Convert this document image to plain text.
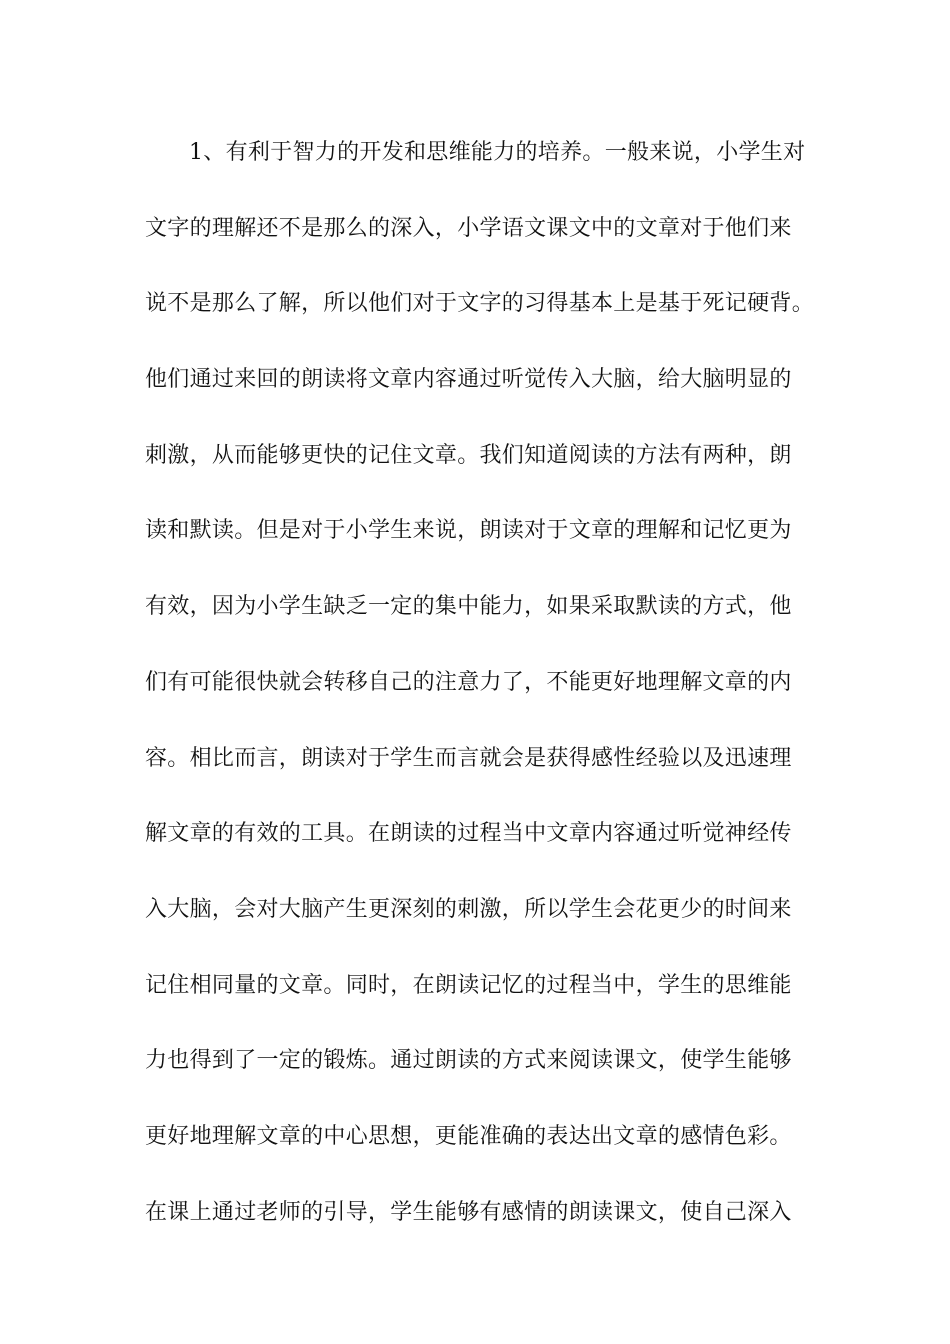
1、有利于智力的开发和思维能力的培养。一般来说，小学生对
文字的理解还不是那么的深入，小学语文课文中的文章对于他们来
说不是那么了解，所以他们对于文字的习得基本上是基于死记硬背。
他们通过来回的朗读将文章内容通过听觉传入大脑，给大脑明显的
刺激，从而能够更快的记住文章。我们知道阅读的方法有两种，朗
读和默读。但是对于小学生来说，朗读对于文章的理解和记忆更为
有效，因为小学生缺乏一定的集中能力，如果采取默读的方式，他
们有可能很快就会转移自己的注意力了，不能更好地理解文章的内
容。相比而言，朗读对于学生而言就会是获得感性经验以及迅速理
解文章的有效的工具。在朗读的过程当中文章内容通过听觉神经传
入大脑，会对大脑产生更深刻的刺激，所以学生会花更少的时间来
记住相同量的文章。同时，在朗读记忆的过程当中，学生的思维能
力也得到了一定的锻炼。通过朗读的方式来阅读课文，使学生能够
更好地理解文章的中心思想，更能准确的表达出文章的感情色彩。
在课上通过老师的引导，学生能够有感情的朗读课文，使自己深入
